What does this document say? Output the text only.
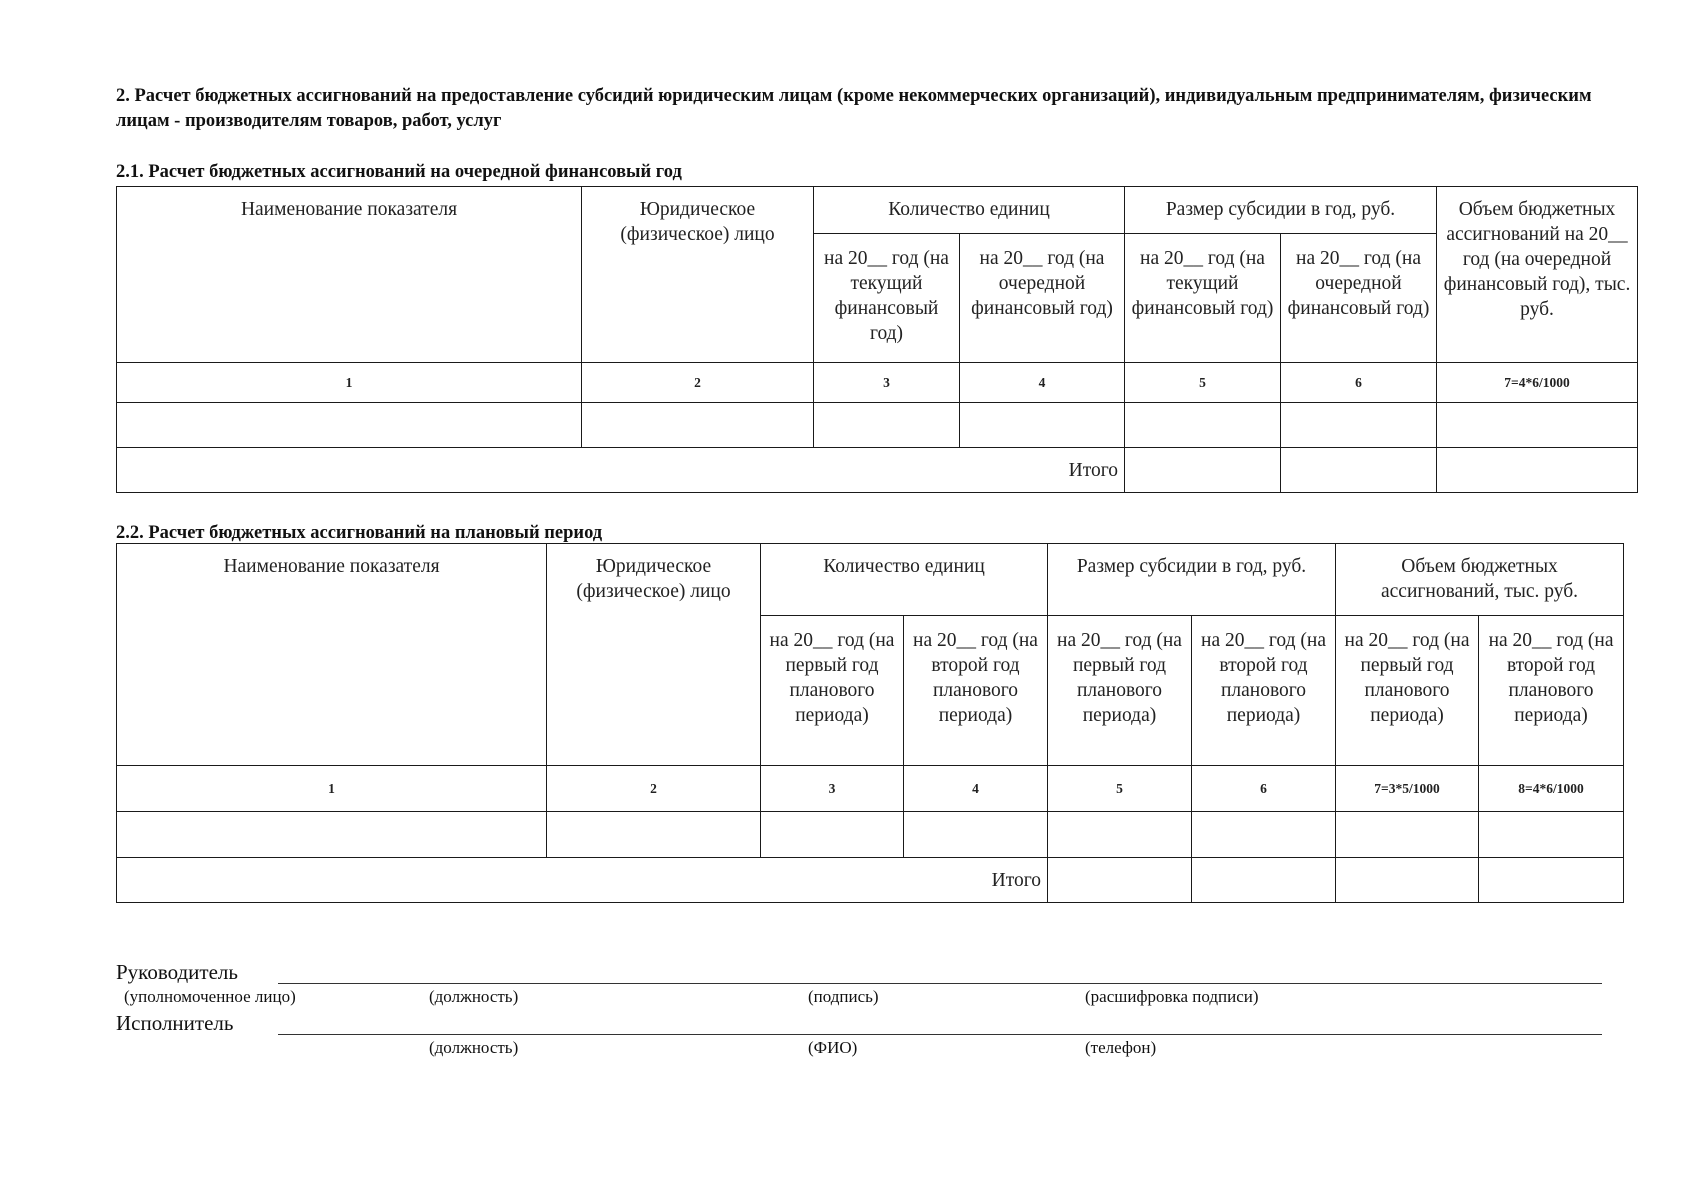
2. Расчет бюджетных ассигнований на предоставление субсидий юридическим лицам (кроме некоммерческих организаций), индивидуальным предпринимателям, физическим лицам - производителям товаров, работ, услуг
2.1. Расчет бюджетных ассигнований на очередной финансовый год
Наименование показателя	Юридическое (физическое) лицо	Количество единиц		Размер субсидии в год, руб.		Объем бюджетных ассигнований на 20__ год (на очередной финансовый год), тыс. руб.
		на 20__ год (на текущий финансовый год)	на 20__ год (на очередной финансовый год)	на 20__ год (на текущий финансовый год)	на 20__ год (на очередной финансовый год)	
1	2	3	4	5	6	7=4*6/1000

Итого						
2.2. Расчет бюджетных ассигнований на плановый период
Наименование показателя	Юридическое (физическое) лицо	Количество единиц		Размер субсидии в год, руб.		Объем бюджетных ассигнований, тыс. руб.	
		на 20__ год (на первый год планового периода)	на 20__ год (на второй год планового периода)	на 20__ год (на первый год планового периода)	на 20__ год (на второй год планового периода)	на 20__ год (на первый год планового периода)	на 20__ год (на второй год планового периода)
1	2	3	4	5	6	7=3*5/1000	8=4*6/1000

Итого							
Руководитель
(уполномоченное лицо)	(должность)	(подпись)	(расшифровка подписи)
Исполнитель
(должность)	(ФИО)	(телефон)
